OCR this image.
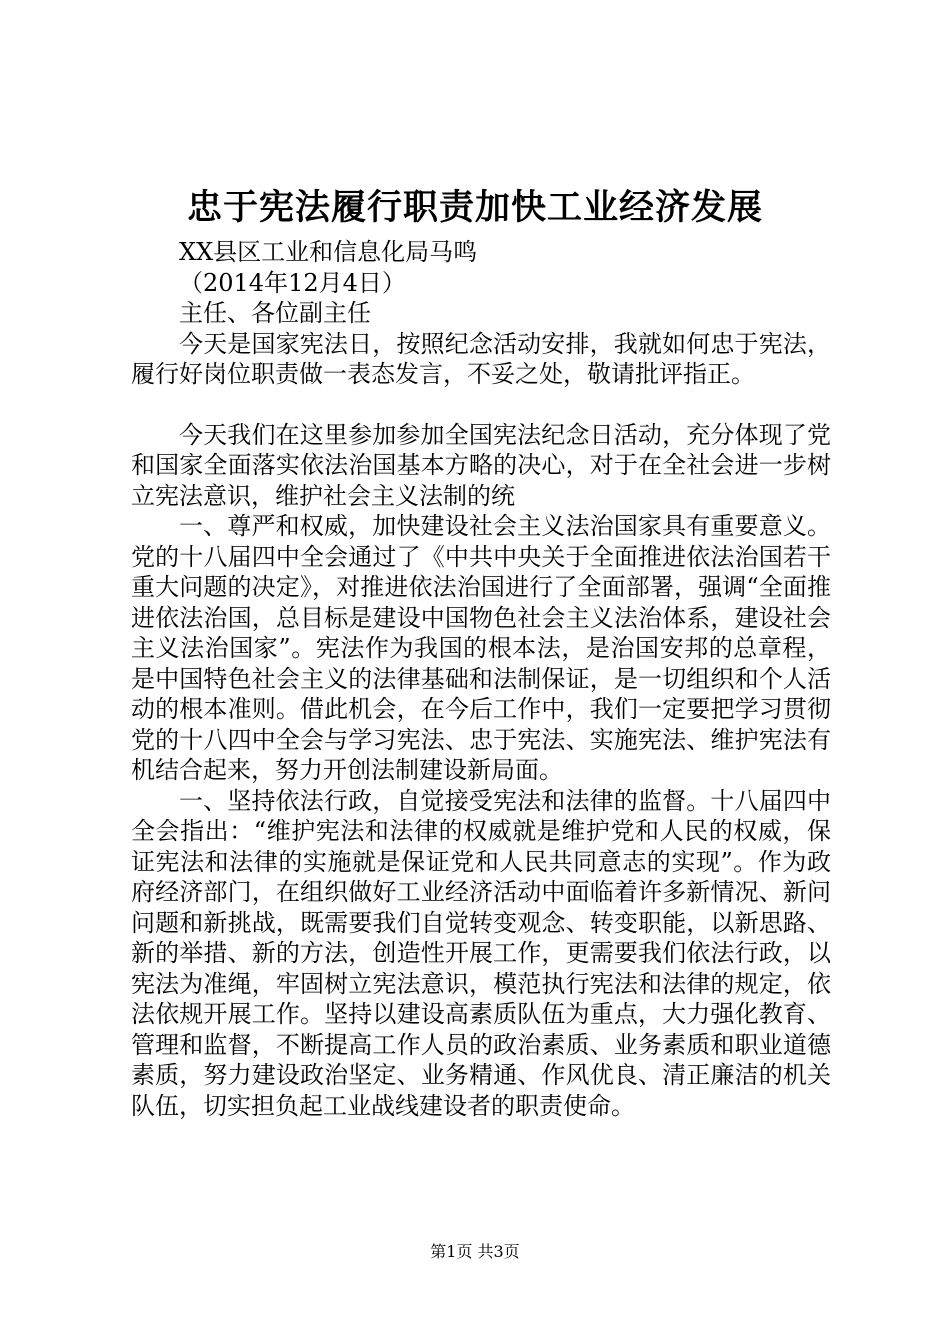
忠于宪法履行职责加快工业经济发展

XX县区工业和信息化局马鸣

（2014年12月4日）

主任、各位副主任

今天是国家宪法日，按照纪念活动安排，我就如何忠于宪法，履行好岗位职责做一表态发言，不妥之处，敬请批评指正。

今天我们在这里参加参加全国宪法纪念日活动，充分体现了党和国家全面落实依法治国基本方略的决心，对于在全社会进一步树立宪法意识，维护社会主义法制的统

一、尊严和权威，加快建设社会主义法治国家具有重要意义。党的十八届四中全会通过了《中共中央关于全面推进依法治国若干重大问题的决定》，对推进依法治国进行了全面部署，强调“全面推进依法治国，总目标是建设中国物色社会主义法治体系，建设社会主义法治国家”。宪法作为我国的根本法，是治国安邦的总章程，是中国特色社会主义的法律基础和法制保证，是一切组织和个人活动的根本准则。借此机会，在今后工作中，我们一定要把学习贯彻党的十八四中全会与学习宪法、忠于宪法、实施宪法、维护宪法有机结合起来，努力开创法制建设新局面。

一、坚持依法行政，自觉接受宪法和法律的监督。十八届四中全会指出：“维护宪法和法律的权威就是维护党和人民的权威，保证宪法和法律的实施就是保证党和人民共同意志的实现”。作为政府经济部门，在组织做好工业经济活动中面临着许多新情况、新问问题和新挑战，既需要我们自觉转变观念、转变职能，以新思路、新的举措、新的方法，创造性开展工作，更需要我们依法行政，以宪法为准绳，牢固树立宪法意识，模范执行宪法和法律的规定，依法依规开展工作。坚持以建设高素质队伍为重点，大力强化教育、管理和监督，不断提高工作人员的政治素质、业务素质和职业道德素质，努力建设政治坚定、业务精通、作风优良、清正廉洁的机关队伍，切实担负起工业战线建设者的职责使命。

第1页 共3页
